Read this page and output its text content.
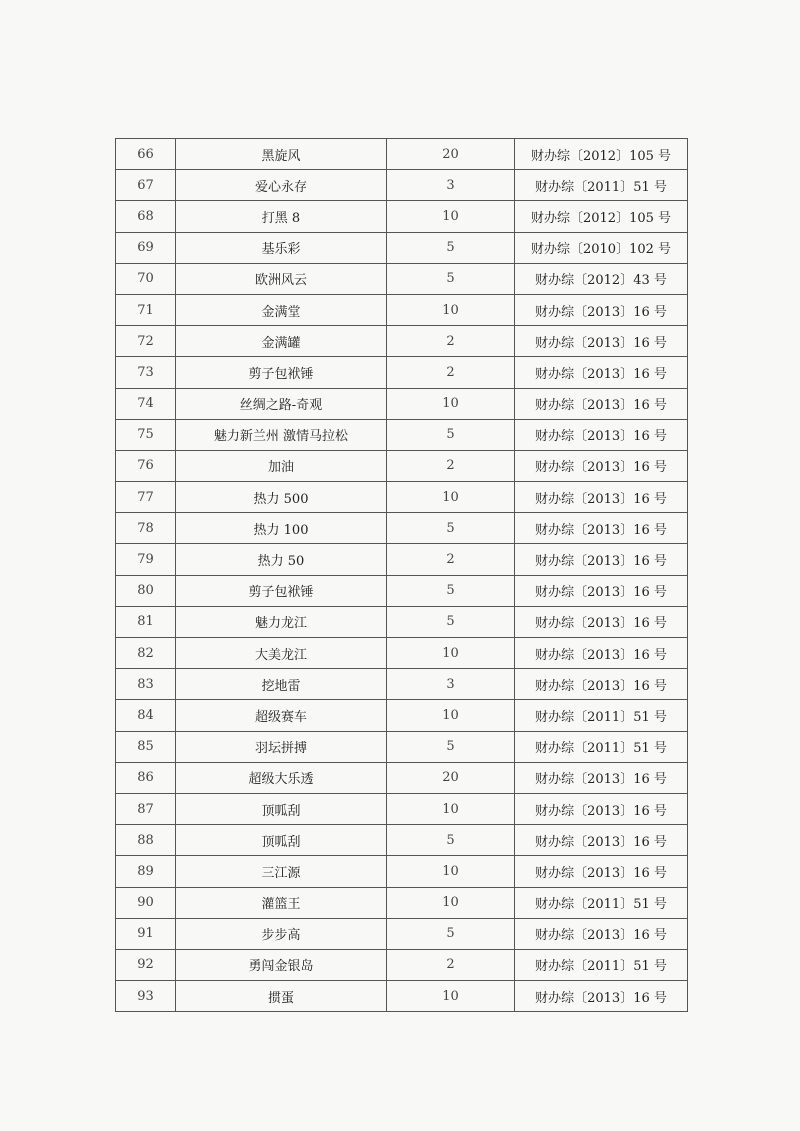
66	黑旋风	20	财办综〔2012〕105 号
67	爱心永存	3	财办综〔2011〕51 号
68	打黑 8	10	财办综〔2012〕105 号
69	基乐彩	5	财办综〔2010〕102 号
70	欧洲风云	5	财办综〔2012〕43 号
71	金满堂	10	财办综〔2013〕16 号
72	金满罐	2	财办综〔2013〕16 号
73	剪子包袱锤	2	财办综〔2013〕16 号
74	丝绸之路-奇观	10	财办综〔2013〕16 号
75	魅力新兰州 激情马拉松	5	财办综〔2013〕16 号
76	加油	2	财办综〔2013〕16 号
77	热力 500	10	财办综〔2013〕16 号
78	热力 100	5	财办综〔2013〕16 号
79	热力 50	2	财办综〔2013〕16 号
80	剪子包袱锤	5	财办综〔2013〕16 号
81	魅力龙江	5	财办综〔2013〕16 号
82	大美龙江	10	财办综〔2013〕16 号
83	挖地雷	3	财办综〔2013〕16 号
84	超级赛车	10	财办综〔2011〕51 号
85	羽坛拼搏	5	财办综〔2011〕51 号
86	超级大乐透	20	财办综〔2013〕16 号
87	顶呱刮	10	财办综〔2013〕16 号
88	顶呱刮	5	财办综〔2013〕16 号
89	三江源	10	财办综〔2013〕16 号
90	灌篮王	10	财办综〔2011〕51 号
91	步步高	5	财办综〔2013〕16 号
92	勇闯金银岛	2	财办综〔2011〕51 号
93	掼蛋	10	财办综〔2013〕16 号
